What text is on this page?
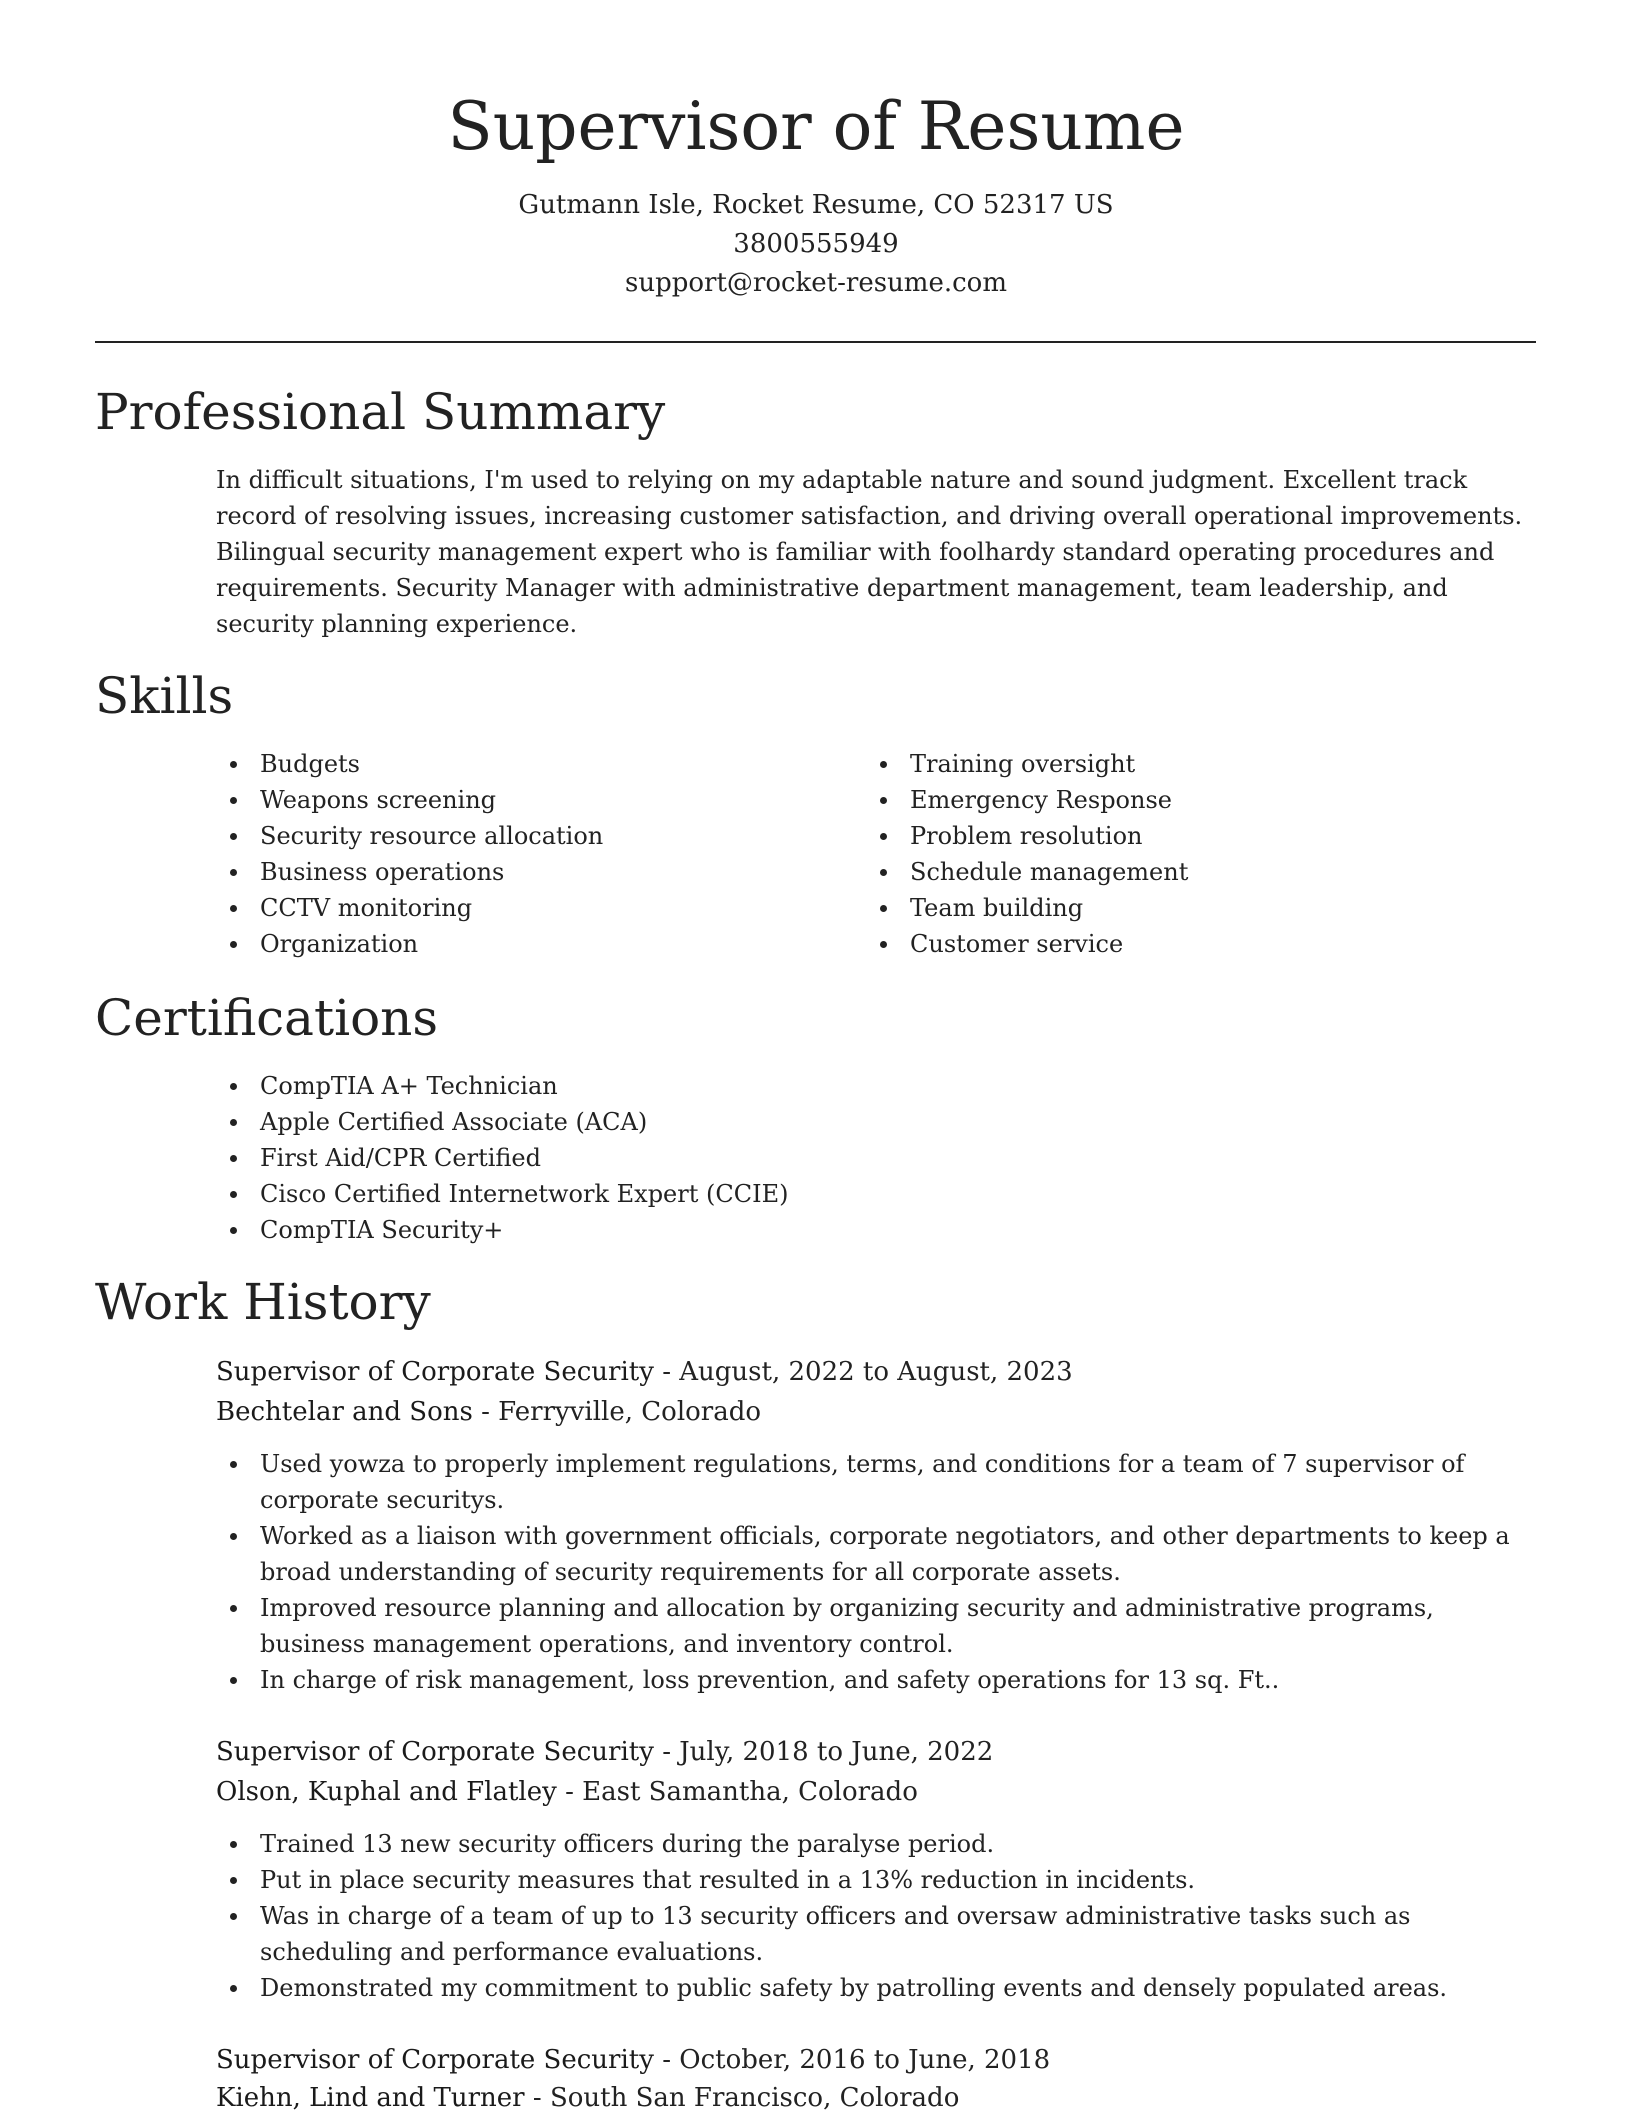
Supervisor of Resume
Gutmann Isle, Rocket Resume, CO 52317 US
3800555949
support@rocket-resume.com
Professional Summary

In difficult situations, I'm used to relying on my adaptable nature and sound judgment. Excellent track record of resolving issues, increasing customer satisfaction, and driving overall operational improvements. Bilingual security management expert who is familiar with foolhardy standard operating procedures and requirements. Security Manager with administrative department management, team leadership, and security planning experience.

Skills
Budgets
Weapons screening
Security resource allocation
Business operations
CCTV monitoring
Organization
Training oversight
Emergency Response
Problem resolution
Schedule management
Team building
Customer service
Certifications
CompTIA A+ Technician
Apple Certified Associate (ACA)
First Aid/CPR Certified
Cisco Certified Internetwork Expert (CCIE)
CompTIA Security+
Work History
Supervisor of Corporate Security - August, 2022 to August, 2023
Bechtelar and Sons - Ferryville, Colorado
Used yowza to properly implement regulations, terms, and conditions for a team of 7 supervisor of corporate securitys.
Worked as a liaison with government officials, corporate negotiators, and other departments to keep a broad understanding of security requirements for all corporate assets.
Improved resource planning and allocation by organizing security and administrative programs, business management operations, and inventory control.
In charge of risk management, loss prevention, and safety operations for 13 sq. Ft..
Supervisor of Corporate Security - July, 2018 to June, 2022
Olson, Kuphal and Flatley - East Samantha, Colorado
Trained 13 new security officers during the paralyse period.
Put in place security measures that resulted in a 13% reduction in incidents.
Was in charge of a team of up to 13 security officers and oversaw administrative tasks such as scheduling and performance evaluations.
Demonstrated my commitment to public safety by patrolling events and densely populated areas.
Supervisor of Corporate Security - October, 2016 to June, 2018
Kiehn, Lind and Turner - South San Francisco, Colorado
